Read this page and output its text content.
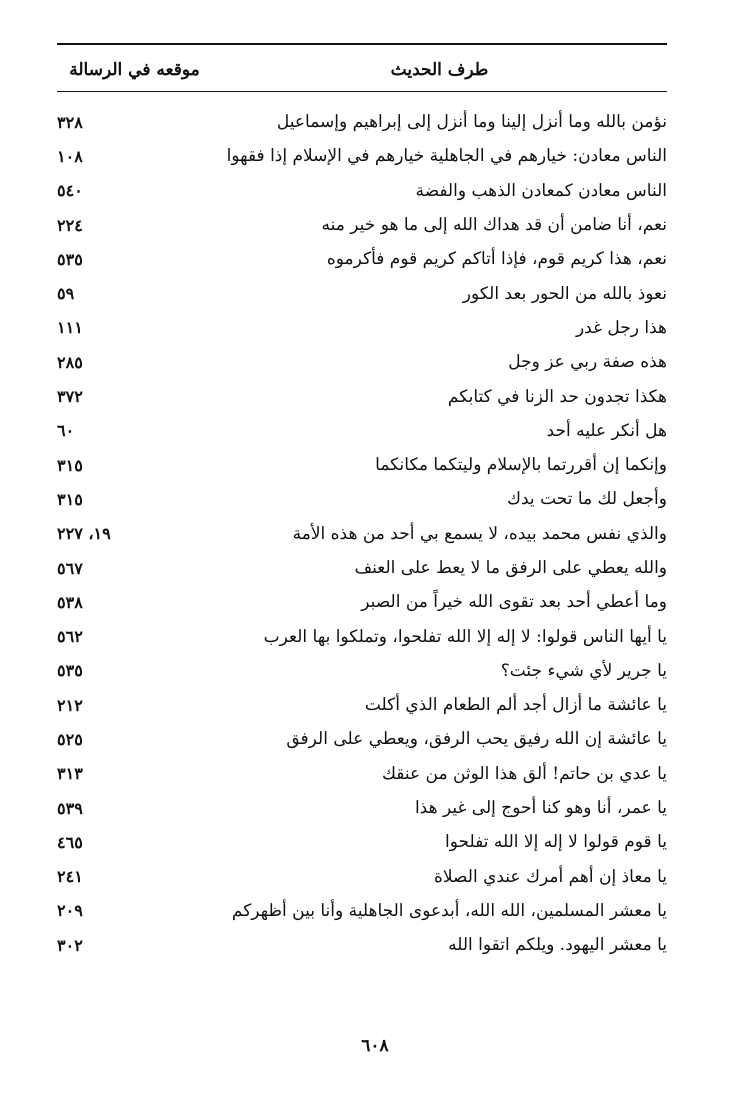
طرف الحديث
موقعه في الرسالة
نؤمن بالله وما أنزل إلينا وما أنزل إلى إبراهيم وإسماعيل
٣٢٨
الناس معادن: خيارهم في الجاهلية خيارهم في الإسلام إذا فقهوا
١٠٨
الناس معادن كمعادن الذهب والفضة
٥٤٠
نعم، أنا ضامن أن قد هداك الله إلى ما هو خير منه
٢٢٤
نعم، هذا كريم قوم، فإذا أتاكم كريم قوم فأكرموه
٥٣٥
نعوذ بالله من الحور بعد الكور
٥٩
هذا رجل غدر
١١١
هذه صفة ربي عز وجل
٢٨٥
هكذا تجدون حد الزنا في كتابكم
٣٧٢
هل أنكر عليه أحد
٦٠
وإنكما إن أقررتما بالإسلام وليتكما مكانكما
٣١٥
وأجعل لك ما تحت يدك
٣١٥
والذي نفس محمد بيده، لا يسمع بي أحد من هذه الأمة
١٩، ٢٢٧
والله يعطي على الرفق ما لا يعط على العنف
٥٦٧
وما أعطي أحد بعد تقوى الله خيراً من الصبر
٥٣٨
يا أيها الناس قولوا: لا إله إلا الله تفلحوا، وتملكوا بها العرب
٥٦٢
يا جرير لأي شيء جئت؟
٥٣٥
يا عائشة ما أزال أجد ألم الطعام الذي أكلت
٢١٢
يا عائشة إن الله رفيق يحب الرفق، ويعطي على الرفق
٥٢٥
يا عدي بن حاتم! ألق هذا الوثن من عنقك
٣١٣
يا عمر، أنا وهو كنا أحوج إلى غير هذا
٥٣٩
يا قوم قولوا لا إله إلا الله تفلحوا
٤٦٥
يا معاذ إن أهم أمرك عندي الصلاة
٢٤١
يا معشر المسلمين، الله الله، أبدعوى الجاهلية وأنا بين أظهركم
٢٠٩
يا معشر اليهود. ويلكم اتقوا الله
٣٠٢
٦٠٨
